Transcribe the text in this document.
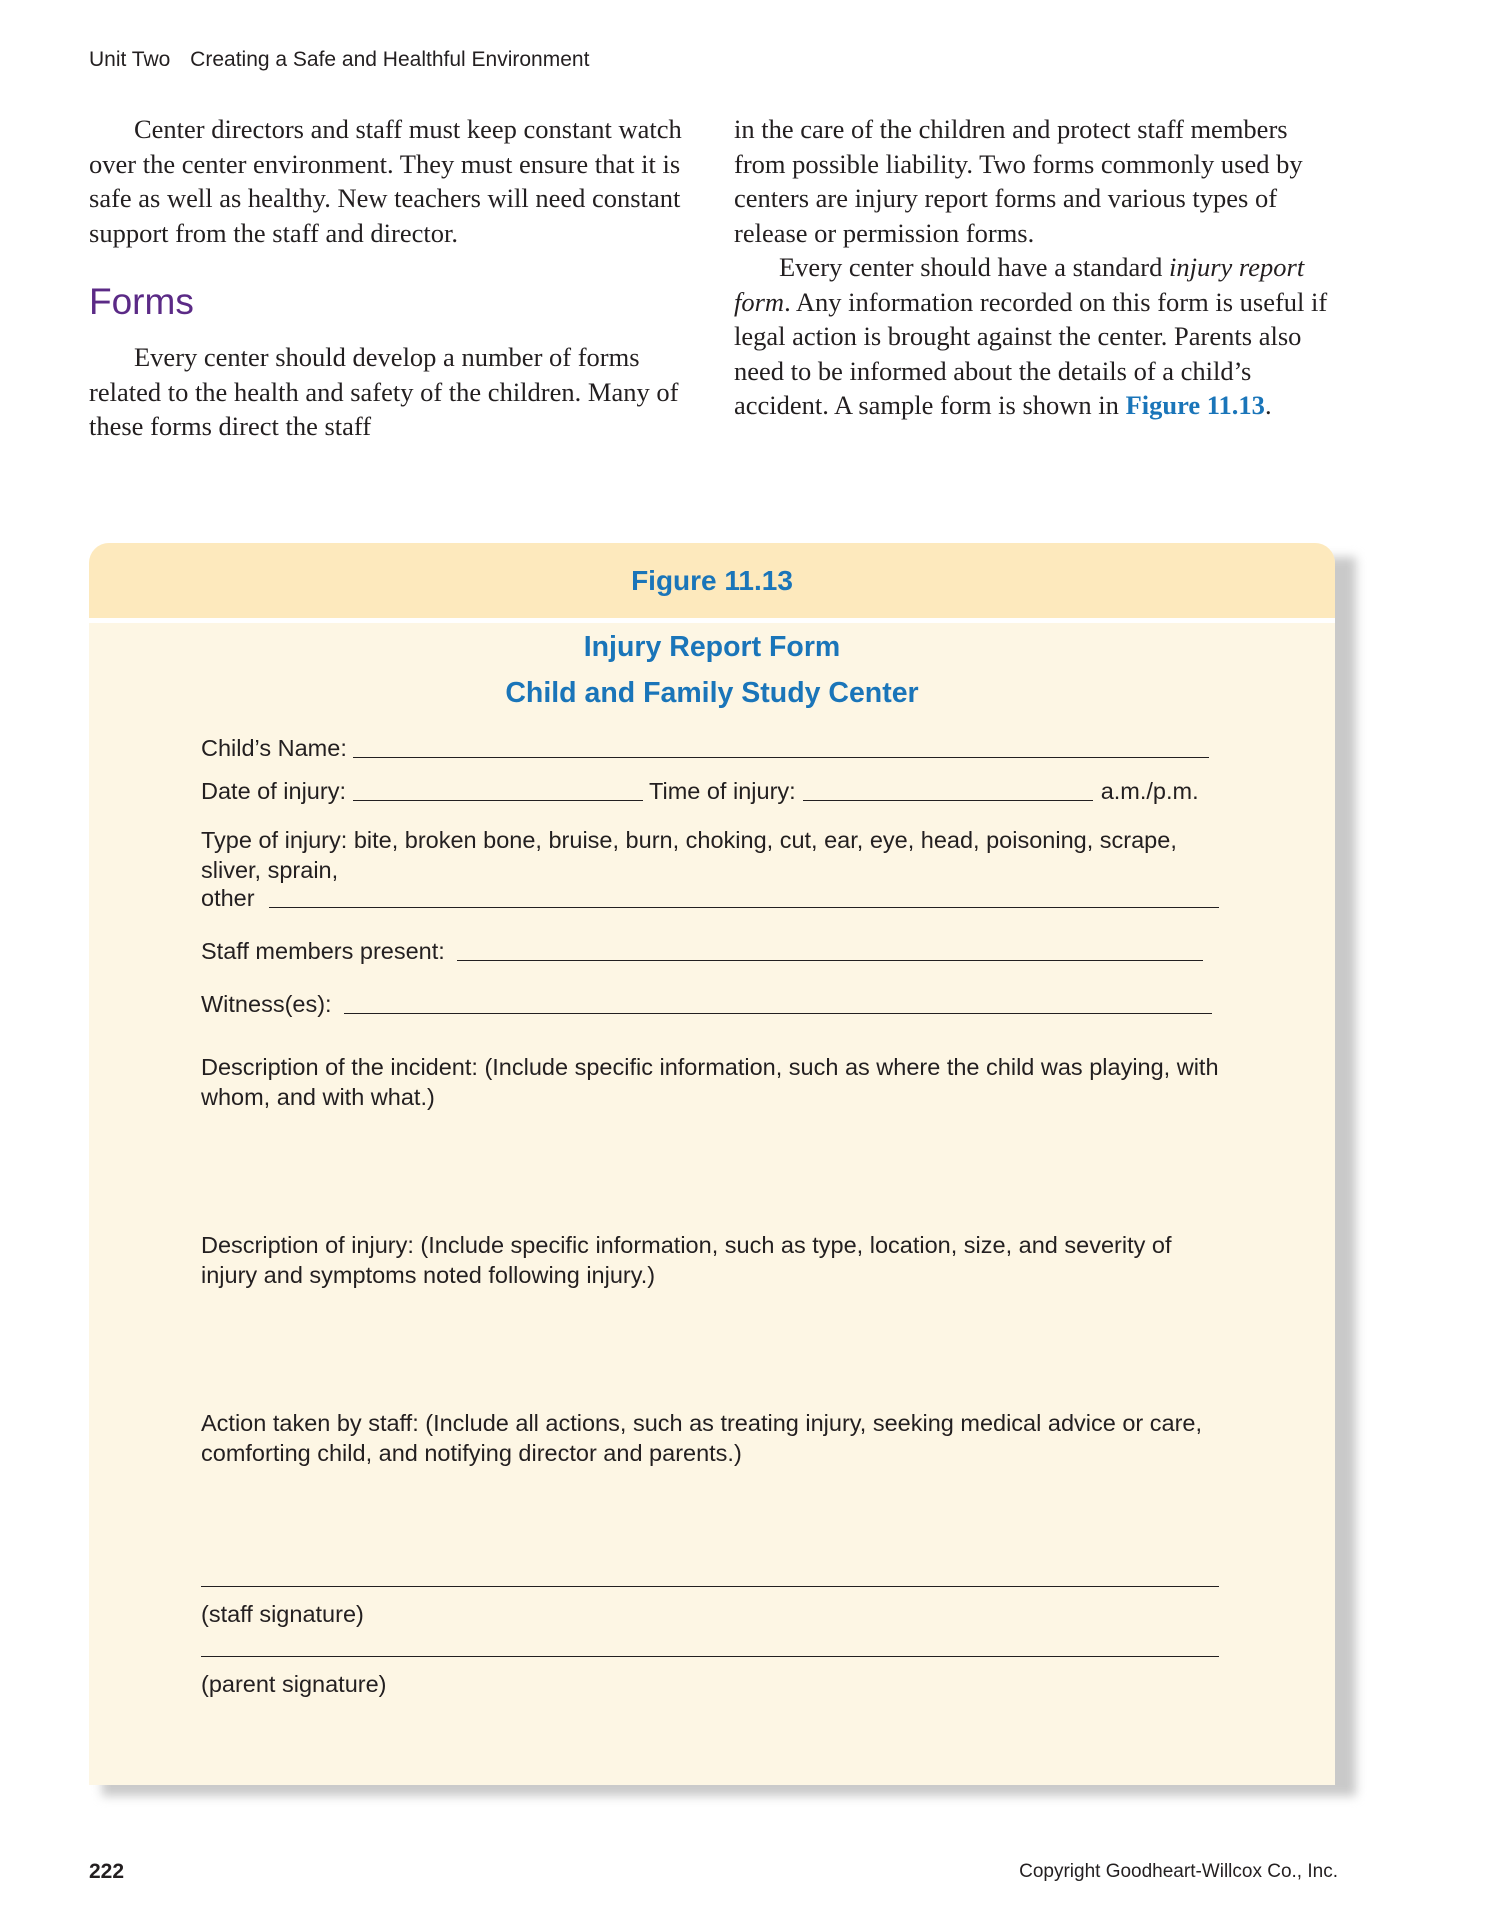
Unit Two Creating a Safe and Healthful Environment

Center directors and staff must keep constant watch over the center environment. They must ensure that it is safe as well as healthy. New teachers will need constant support from the staff and director.

Forms

Every center should develop a number of forms related to the health and safety of the children. Many of these forms direct the staff

in the care of the children and protect staff members from possible liability. Two forms commonly used by centers are injury report forms and various types of release or permission forms.

Every center should have a standard injury report form. Any information recorded on this form is useful if legal action is brought against the center. Parents also need to be informed about the details of a child’s accident. A sample form is shown in Figure 11.13.

Figure 11.13
Injury Report Form
Child and Family Study Center
Child’s Name:
Date of injury:	Time of injury:	a.m./p.m.
Type of injury: bite, broken bone, bruise, burn, choking, cut, ear, eye, head, poisoning, scrape, sliver, sprain,
other
Staff members present:
Witness(es):
Description of the incident: (Include specific information, such as where the child was playing, with whom, and with what.)
Description of injury: (Include specific information, such as type, location, size, and severity of injury and symptoms noted following injury.)
Action taken by staff: (Include all actions, such as treating injury, seeking medical advice or care, comforting child, and notifying director and parents.)
(staff signature)
(parent signature)
222	Copyright Goodheart-Willcox Co., Inc.
